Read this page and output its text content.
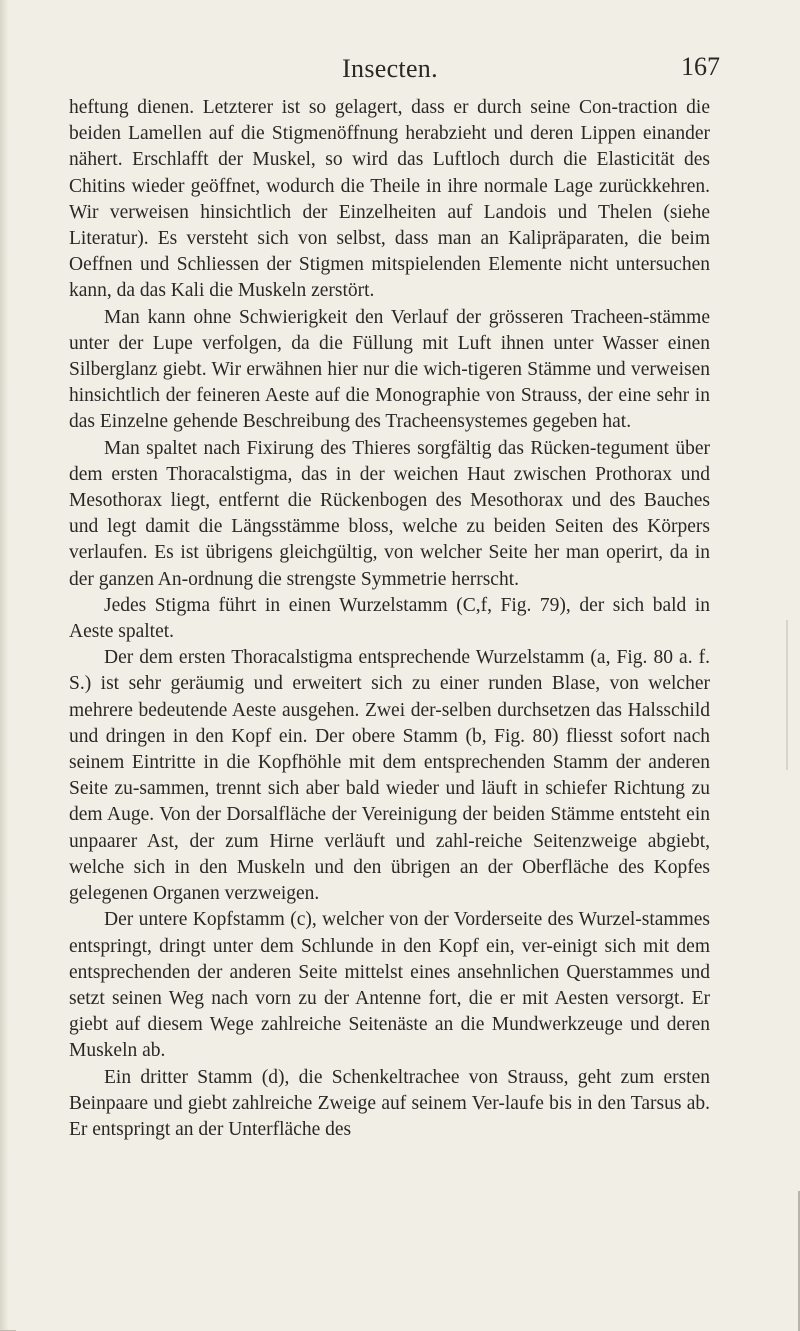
Insecten.	167

heftung dienen. Letzterer ist so gelagert, dass er durch seine Con-traction die beiden Lamellen auf die Stigmenöffnung herabzieht und deren Lippen einander nähert. Erschlafft der Muskel, so wird das Luftloch durch die Elasticität des Chitins wieder geöffnet, wodurch die Theile in ihre normale Lage zurückkehren. Wir verweisen hinsichtlich der Einzelheiten auf Landois und Thelen (siehe Literatur). Es versteht sich von selbst, dass man an Kalipräparaten, die beim Oeffnen und Schliessen der Stigmen mitspielenden Elemente nicht untersuchen kann, da das Kali die Muskeln zerstört.

Man kann ohne Schwierigkeit den Verlauf der grösseren Tracheen-stämme unter der Lupe verfolgen, da die Füllung mit Luft ihnen unter Wasser einen Silberglanz giebt. Wir erwähnen hier nur die wich-tigeren Stämme und verweisen hinsichtlich der feineren Aeste auf die Monographie von Strauss, der eine sehr in das Einzelne gehende Beschreibung des Tracheensystemes gegeben hat.

Man spaltet nach Fixirung des Thieres sorgfältig das Rücken-tegument über dem ersten Thoracalstigma, das in der weichen Haut zwischen Prothorax und Mesothorax liegt, entfernt die Rückenbogen des Mesothorax und des Bauches und legt damit die Längsstämme bloss, welche zu beiden Seiten des Körpers verlaufen. Es ist übrigens gleichgültig, von welcher Seite her man operirt, da in der ganzen An-ordnung die strengste Symmetrie herrscht.

Jedes Stigma führt in einen Wurzelstamm (C,f, Fig. 79), der sich bald in Aeste spaltet.

Der dem ersten Thoracalstigma entsprechende Wurzelstamm (a, Fig. 80 a. f. S.) ist sehr geräumig und erweitert sich zu einer runden Blase, von welcher mehrere bedeutende Aeste ausgehen. Zwei der-selben durchsetzen das Halsschild und dringen in den Kopf ein. Der obere Stamm (b, Fig. 80) fliesst sofort nach seinem Eintritte in die Kopfhöhle mit dem entsprechenden Stamm der anderen Seite zu-sammen, trennt sich aber bald wieder und läuft in schiefer Richtung zu dem Auge. Von der Dorsalfläche der Vereinigung der beiden Stämme entsteht ein unpaarer Ast, der zum Hirne verläuft und zahl-reiche Seitenzweige abgiebt, welche sich in den Muskeln und den übrigen an der Oberfläche des Kopfes gelegenen Organen verzweigen.

Der untere Kopfstamm (c), welcher von der Vorderseite des Wurzel-stammes entspringt, dringt unter dem Schlunde in den Kopf ein, ver-einigt sich mit dem entsprechenden der anderen Seite mittelst eines ansehnlichen Querstammes und setzt seinen Weg nach vorn zu der Antenne fort, die er mit Aesten versorgt. Er giebt auf diesem Wege zahlreiche Seitenäste an die Mundwerkzeuge und deren Muskeln ab.

Ein dritter Stamm (d), die Schenkeltrachee von Strauss, geht zum ersten Beinpaare und giebt zahlreiche Zweige auf seinem Ver-laufe bis in den Tarsus ab. Er entspringt an der Unterfläche des
